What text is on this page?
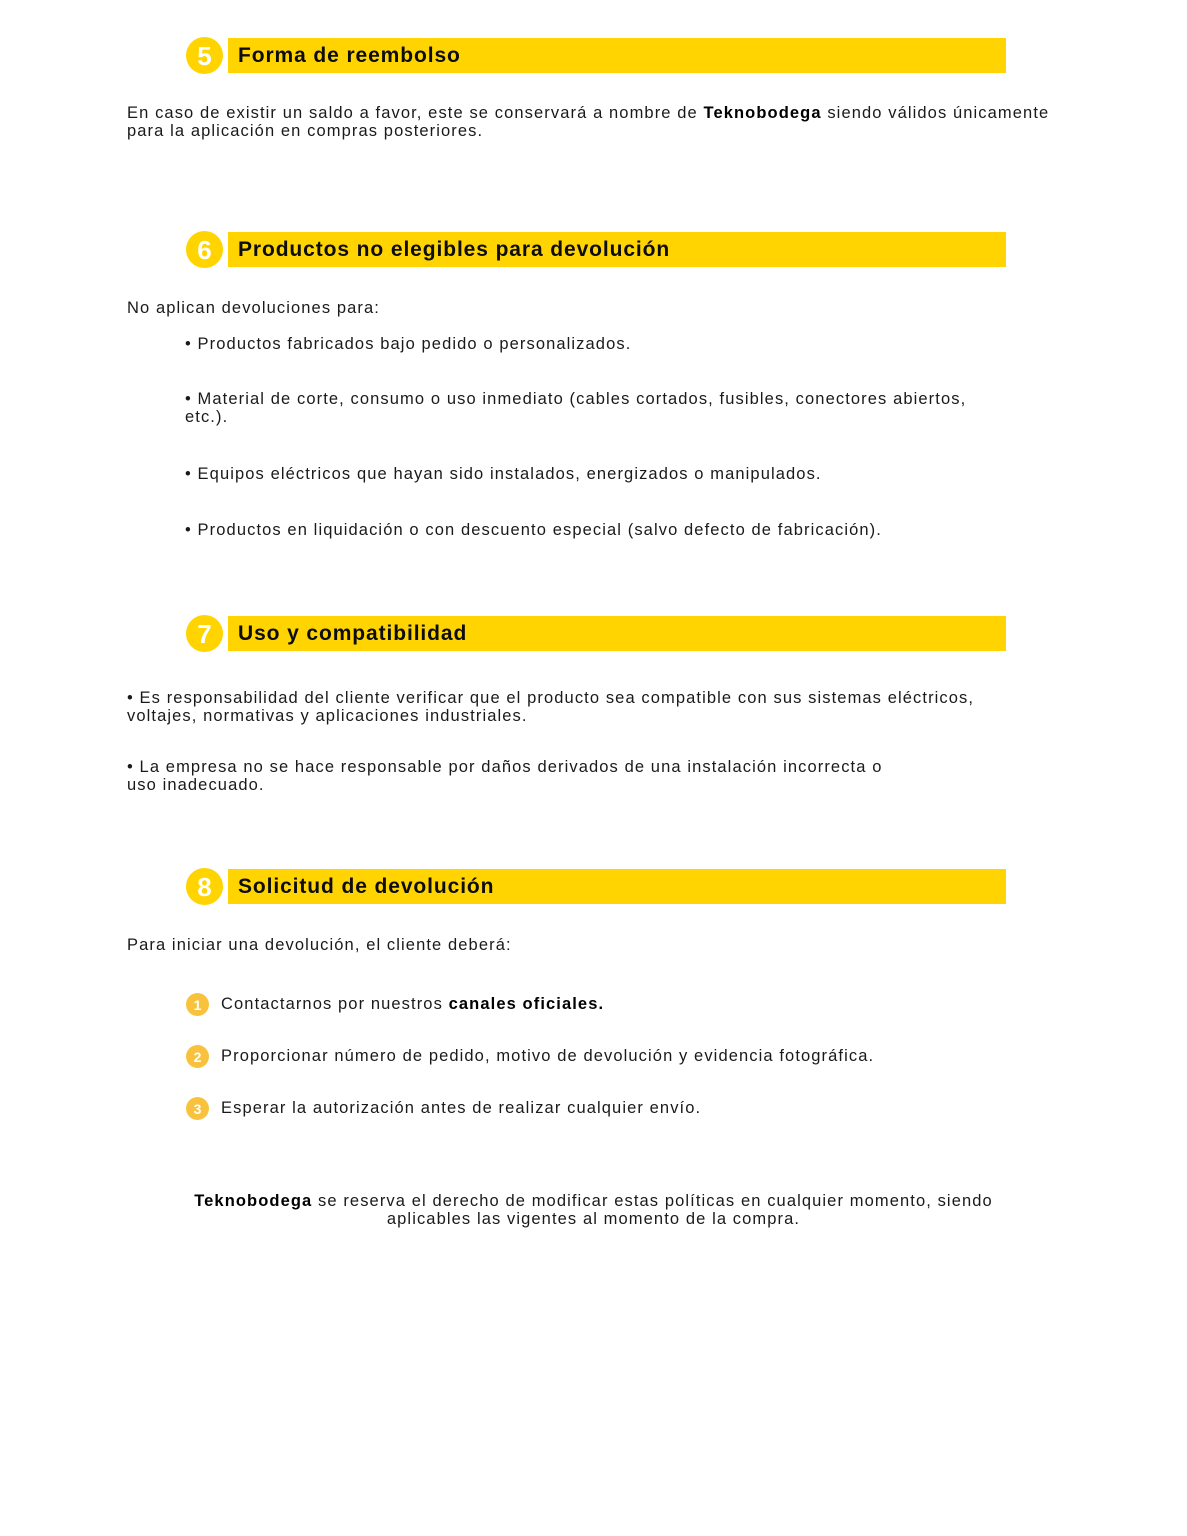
5	Forma de reembolso
En caso de existir un saldo a favor, este se conservará a nombre de Teknobodega siendo válidos únicamente para la aplicación en compras posteriores.
6	Productos no elegibles para devolución
No aplican devoluciones para:
• Productos fabricados bajo pedido o personalizados.
• Material de corte, consumo o uso inmediato (cables cortados, fusibles, conectores abiertos, etc.).
• Equipos eléctricos que hayan sido instalados, energizados o manipulados.
• Productos en liquidación o con descuento especial (salvo defecto de fabricación).
7	Uso y compatibilidad
• Es responsabilidad del cliente verificar que el producto sea compatible con sus sistemas eléctricos, voltajes, normativas y aplicaciones industriales.
• La empresa no se hace responsable por daños derivados de una instalación incorrecta o uso inadecuado.
8	Solicitud de devolución
Para iniciar una devolución, el cliente deberá:
1	Contactarnos por nuestros canales oficiales.
2	Proporcionar número de pedido, motivo de devolución y evidencia fotográfica.
3	Esperar la autorización antes de realizar cualquier envío.
Teknobodega se reserva el derecho de modificar estas políticas en cualquier momento, siendo
aplicables las vigentes al momento de la compra.
